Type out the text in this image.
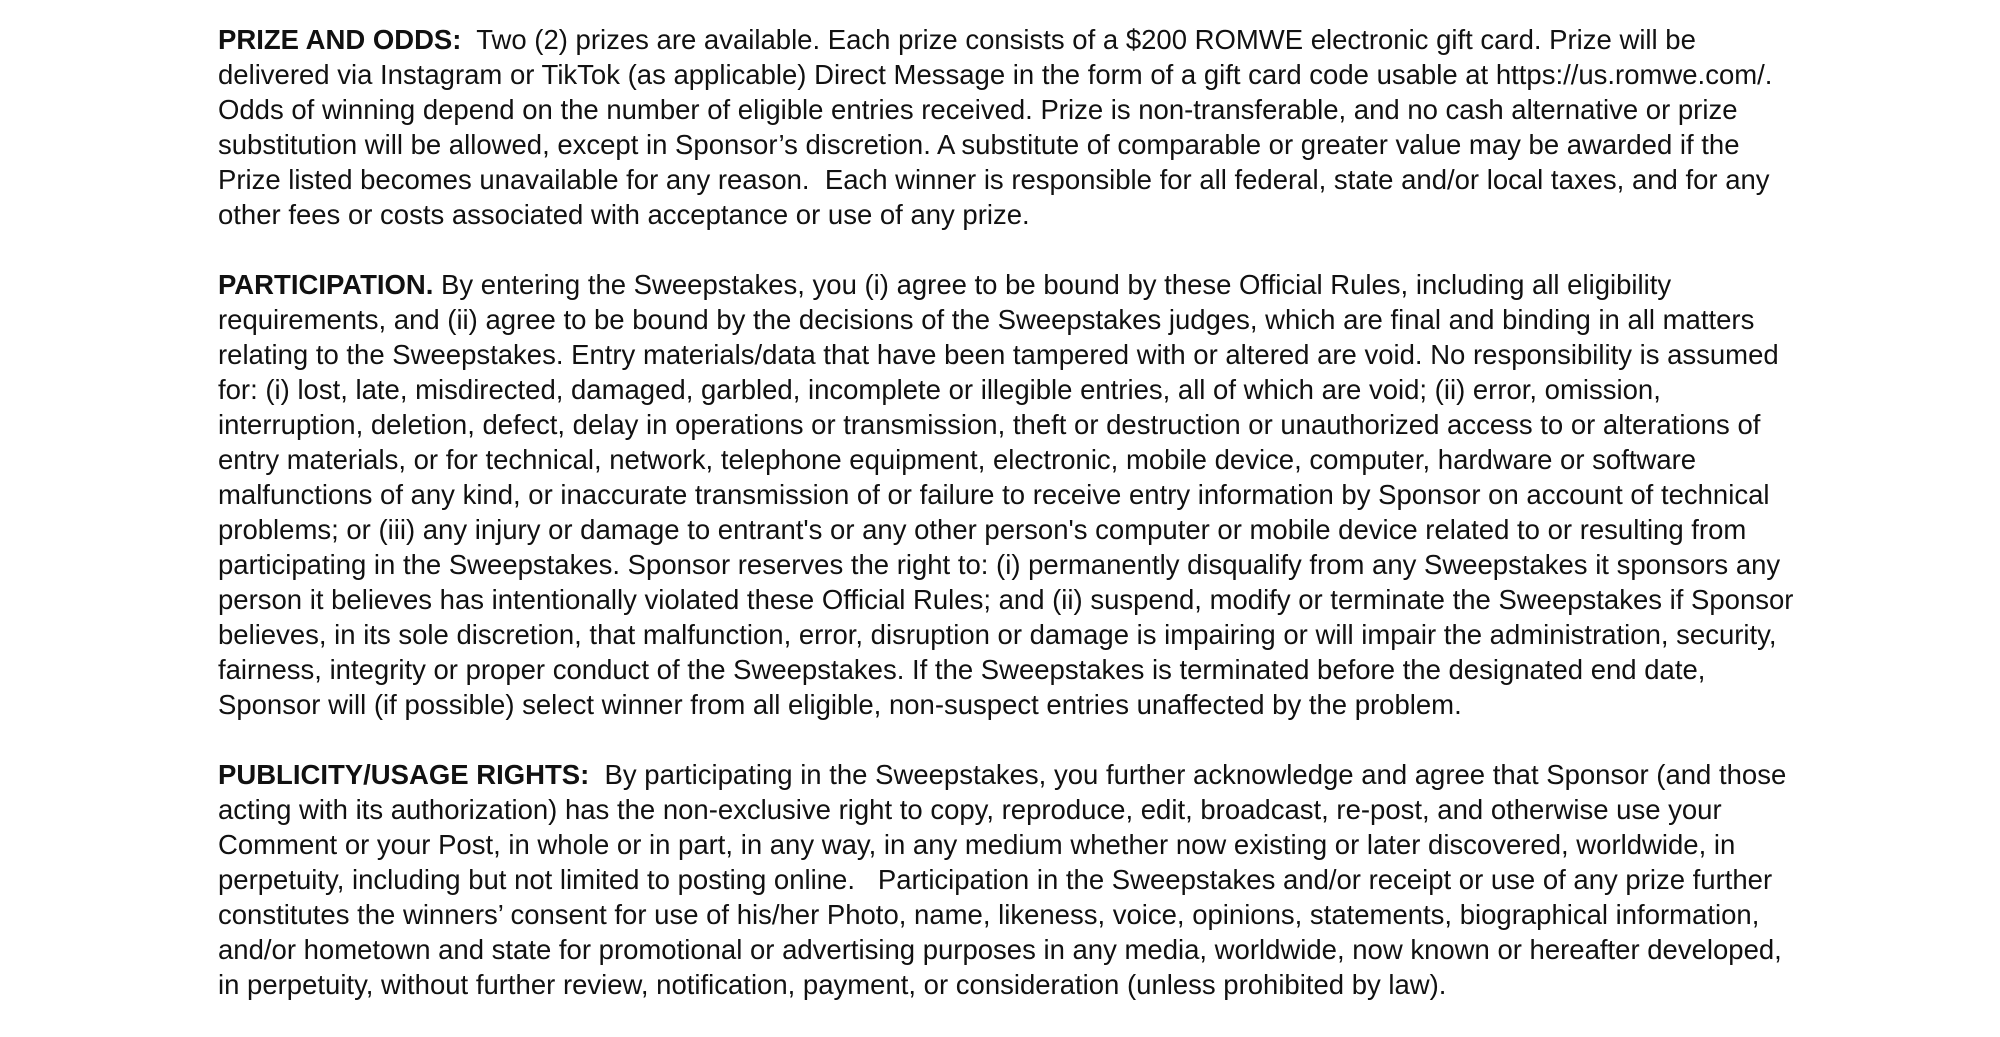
PRIZE AND ODDS:  Two (2) prizes are available. Each prize consists of a $200 ROMWE electronic gift card. Prize will be delivered via Instagram or TikTok (as applicable) Direct Message in the form of a gift card code usable at https://us.romwe.com/.  Odds of winning depend on the number of eligible entries received. Prize is non-transferable, and no cash alternative or prize substitution will be allowed, except in Sponsor’s discretion. A substitute of comparable or greater value may be awarded if the Prize listed becomes unavailable for any reason.  Each winner is responsible for all federal, state and/or local taxes, and for any other fees or costs associated with acceptance or use of any prize.

PARTICIPATION. By entering the Sweepstakes, you (i) agree to be bound by these Official Rules, including all eligibility requirements, and (ii) agree to be bound by the decisions of the Sweepstakes judges, which are final and binding in all matters relating to the Sweepstakes. Entry materials/data that have been tampered with or altered are void. No responsibility is assumed for: (i) lost, late, misdirected, damaged, garbled, incomplete or illegible entries, all of which are void; (ii) error, omission, interruption, deletion, defect, delay in operations or transmission, theft or destruction or unauthorized access to or alterations of entry materials, or for technical, network, telephone equipment, electronic, mobile device, computer, hardware or software malfunctions of any kind, or inaccurate transmission of or failure to receive entry information by Sponsor on account of technical problems; or (iii) any injury or damage to entrant's or any other person's computer or mobile device related to or resulting from participating in the Sweepstakes. Sponsor reserves the right to: (i) permanently disqualify from any Sweepstakes it sponsors any person it believes has intentionally violated these Official Rules; and (ii) suspend, modify or terminate the Sweepstakes if Sponsor believes, in its sole discretion, that malfunction, error, disruption or damage is impairing or will impair the administration, security, fairness, integrity or proper conduct of the Sweepstakes. If the Sweepstakes is terminated before the designated end date, Sponsor will (if possible) select winner from all eligible, non-suspect entries unaffected by the problem.

PUBLICITY/USAGE RIGHTS:  By participating in the Sweepstakes, you further acknowledge and agree that Sponsor (and those acting with its authorization) has the non-exclusive right to copy, reproduce, edit, broadcast, re-post, and otherwise use your Comment or your Post, in whole or in part, in any way, in any medium whether now existing or later discovered, worldwide, in perpetuity, including but not limited to posting online.   Participation in the Sweepstakes and/or receipt or use of any prize further constitutes the winners’ consent for use of his/her Photo, name, likeness, voice, opinions, statements, biographical information, and/or hometown and state for promotional or advertising purposes in any media, worldwide, now known or hereafter developed, in perpetuity, without further review, notification, payment, or consideration (unless prohibited by law).
